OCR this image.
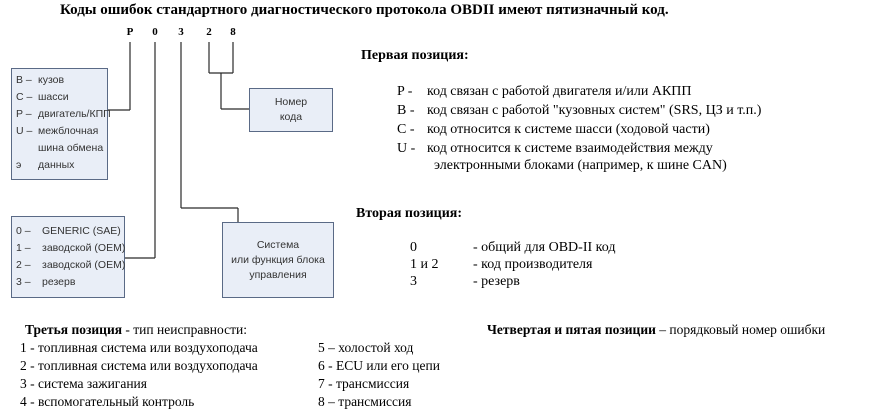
Коды ошибок стандартного диагностического протокола OBDII имеют пятизначный код.
P 0 3 2 8
B – кузов
C – шасси
P – двигатель/КПП
U – межблочная
шина обмена
э данных
0 – GENERIC (SAE)
1 – заводской (OEM)
2 – заводской (OEM)
3 – резерв
Система
или функция блока
управления
Номер
кода
Первая позиция:
P - код связан с работой двигателя и/или АКПП
B - код связан с работой "кузовных систем" (SRS, ЦЗ и т.п.)
C - код относится к системе шасси (ходовой части)
U - код относится к системе взаимодействия между
электронными блоками (например, к шине CAN)
Вторая позиция:
0	- общий для OBD-II код
1 и 2 - код производителя
3	- резерв
Третья позиция - тип неисправности:
1 - топливная система или воздухоподача
2 - топливная система или воздухоподача
3 - система зажигания
4 - вспомогательный контроль
5 – холостой ход
6 - ECU или его цепи
7 - трансмиссия
8 – трансмиссия
Четвертая и пятая позиции – порядковый номер ошибки
